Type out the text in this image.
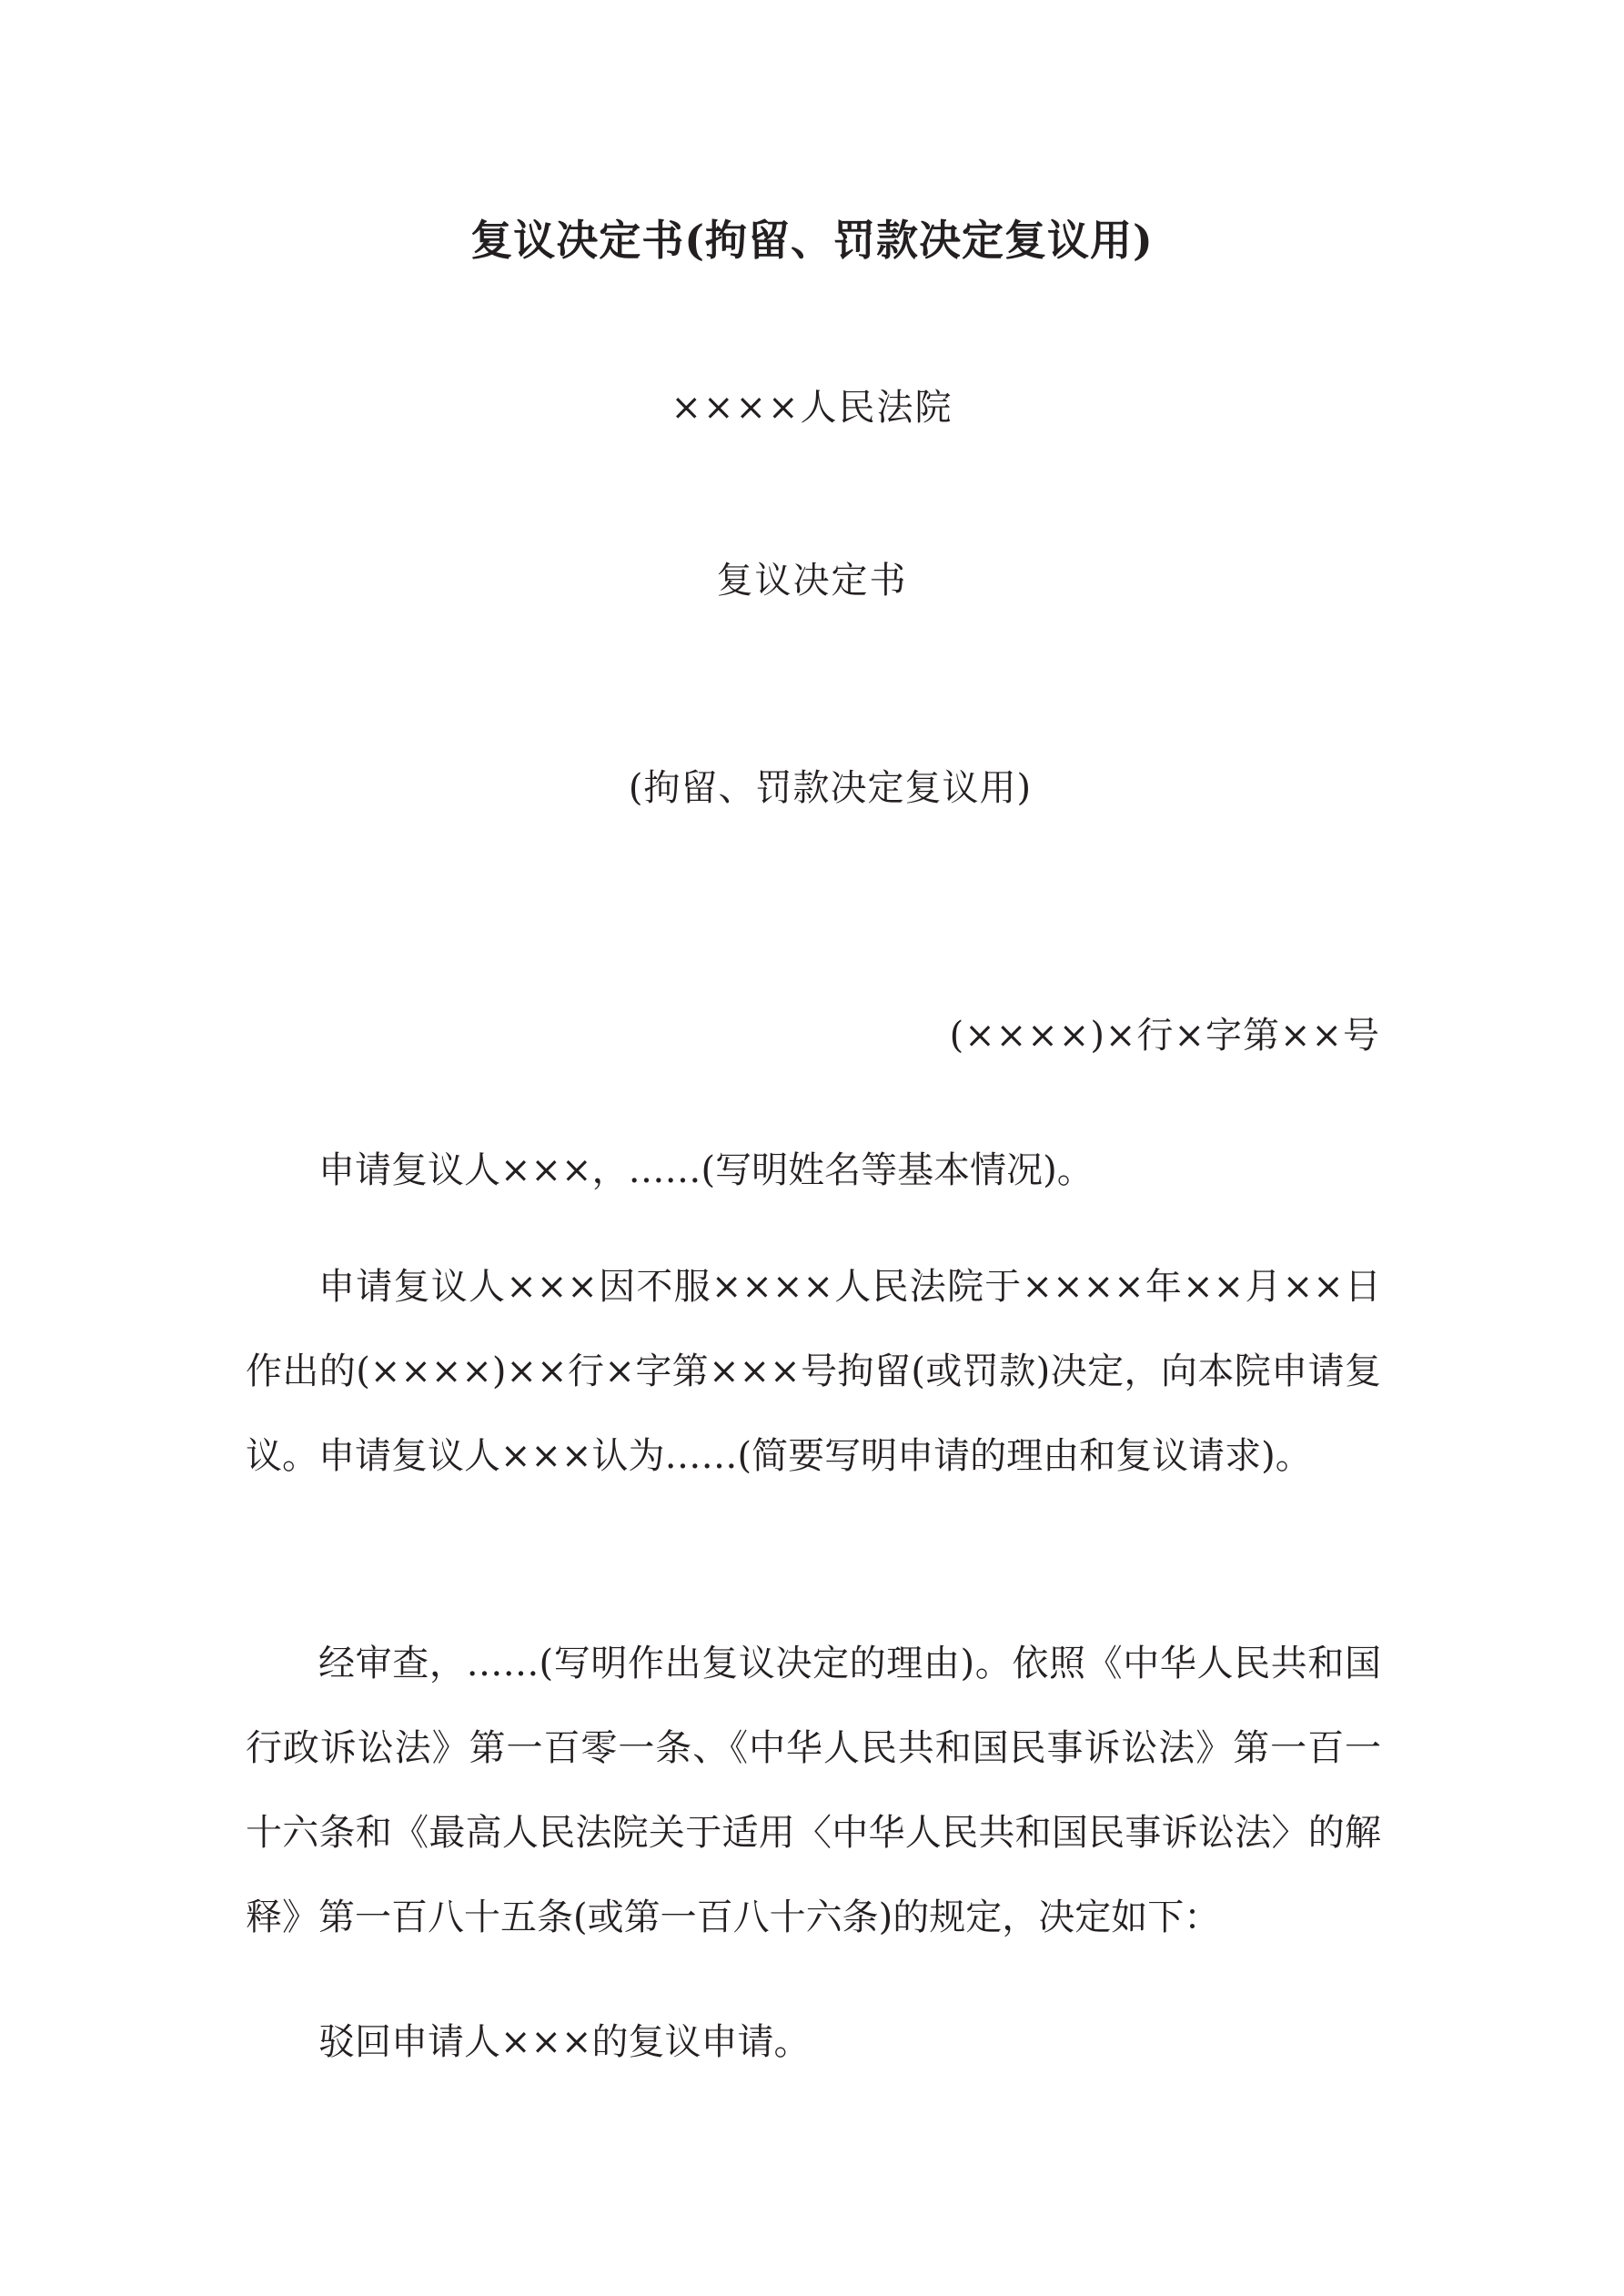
复议决定书(拘留、罚款决定复议用)
××××人民法院
复议决定书
(拘留、罚款决定复议用)
(××××)×行×字第××号

申请复议人×××，……(写明姓名等基本情况)。

申请复议人×××因不服××××人民法院于××××年××月××日作出的(××××)××行×字第×××号拘留(或罚款)决定，向本院申请复议。申请复议人×××认为……(简要写明申请的理由和复议请求)。

经审查，……(写明作出复议决定的理由)。依照《中华人民共和国行政诉讼法》第一百零一条、《中华人民共和国民事诉讼法》第一百一十六条和《最高人民法院关于适用〈中华人民共和国民事诉讼法〉的解释》第一百八十五条(或第一百八十六条)的规定，决定如下：

驳回申请人×××的复议申请。
